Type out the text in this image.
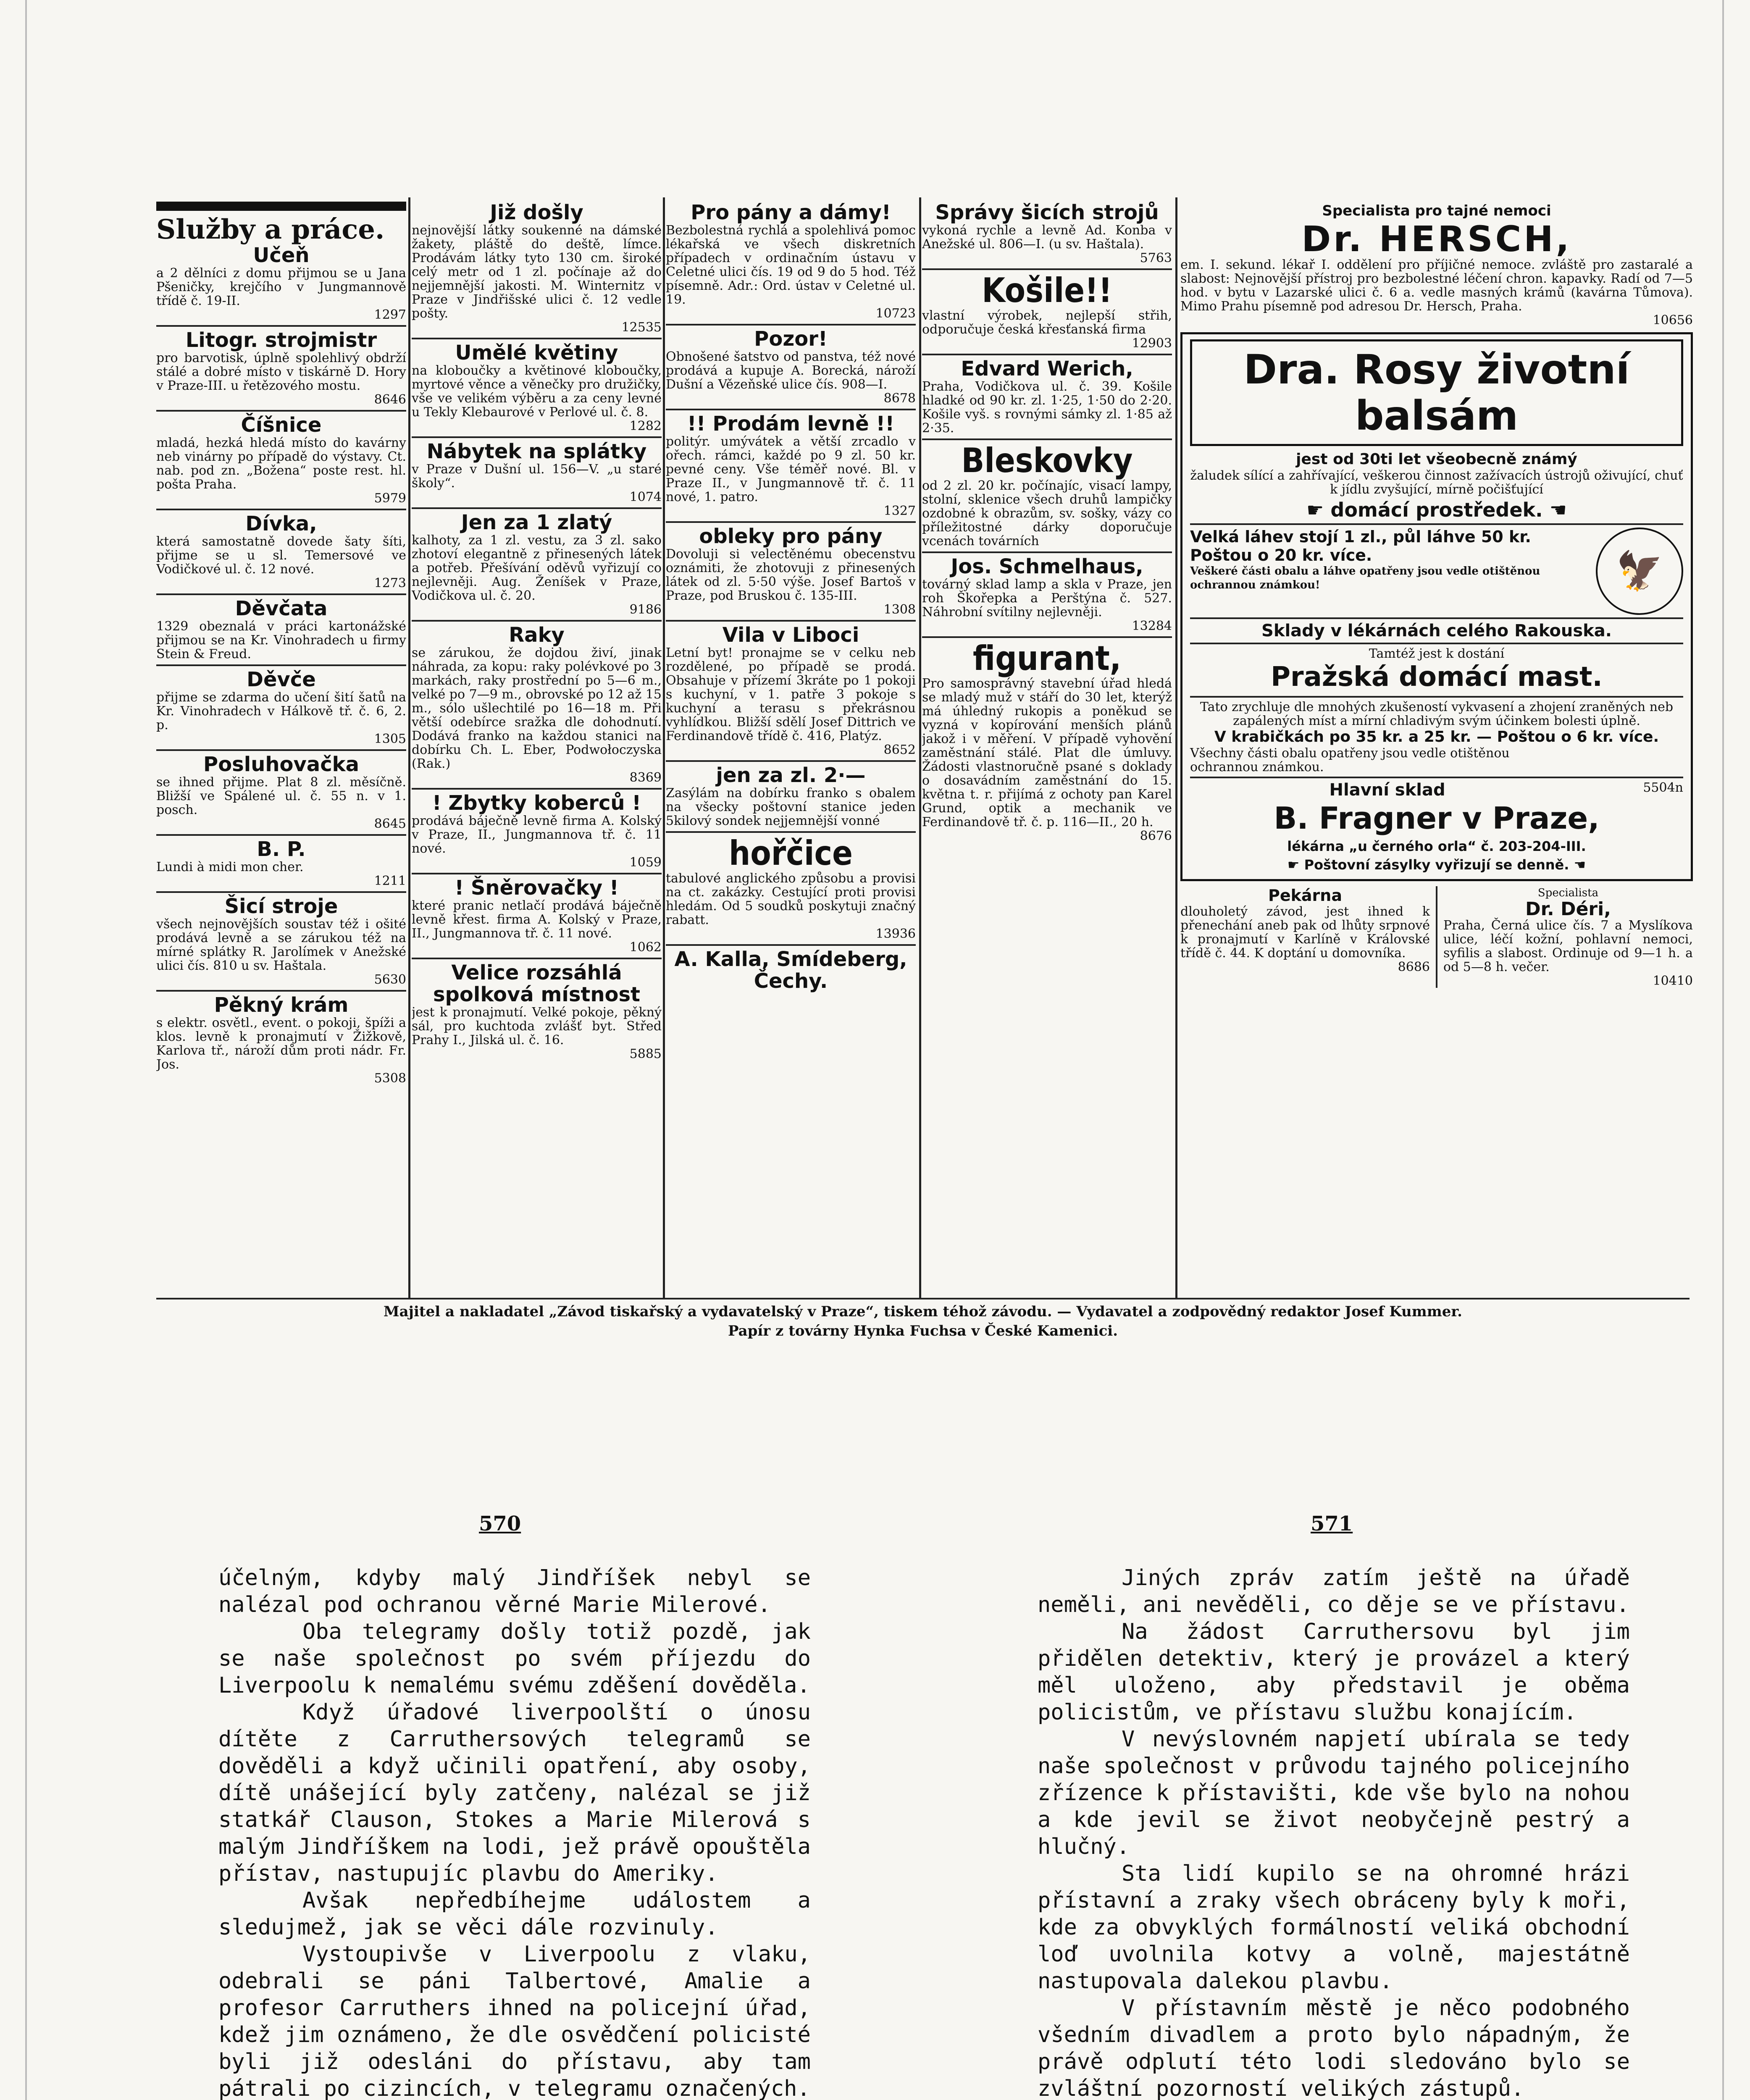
Služby a práce.
Učeň
a 2 dělníci z domu přijmou se u Jana Pšeničky, krejčího v Jungmannově třídě č. 19-II.
1297
Litogr. strojmistr
pro barvotisk, úplně spolehlivý obdrží stálé a dobré místo v tiskárně D. Hory v Praze-III. u řetězového mostu.
8646
Číšnice
mladá, hezká hledá místo do kavárny neb vinárny po případě do výstavy. Ct. nab. pod zn. „Božena“ poste rest. hl. pošta Praha.
5979
Dívka,
která samostatně dovede šaty šíti, přijme se u sl. Temersové ve Vodičkové ul. č. 12 nové.
1273
Děvčata
1329 obeznalá v práci kartonážské přijmou se na Kr. Vinohradech u firmy Stein & Freud.
Děvče
přijme se zdarma do učení šití šatů na Kr. Vinohradech v Hálkově tř. č. 6, 2. p.
1305
Posluhovačka
se ihned přijme. Plat 8 zl. měsíčně. Bližší ve Spálené ul. č. 55 n. v 1. posch.
8645
B. P.
Lundi à midi mon cher.
1211
Šicí stroje
všech nejnovějších soustav též i ošité prodává levně a se zárukou též na mírné splátky R. Jarolímek v Anežské ulici čís. 810 u sv. Haštala.
5630
Pěkný krám
s elektr. osvětl., event. o pokoji, špíži a klos. levně k pronajmutí v Žižkově, Karlova tř., nároží dům proti nádr. Fr. Jos.
5308
Již došly
nejnovější látky soukenné na dámské žakety, pláště do deště, límce. Prodávám látky tyto 130 cm. široké celý metr od 1 zl. počínaje až do nejjemnější jakosti. M. Winternitz v Praze v Jindřišské ulici č. 12 vedle pošty.
12535
Umělé květiny
na kloboučky a květinové kloboučky, myrtové věnce a věnečky pro družičky, vše ve velikém výběru a za ceny levné u Tekly Klebaurové v Perlové ul. č. 8.
1282
Nábytek na splátky
v Praze v Dušní ul. 156—V. „u staré školy“.
1074
Jen za 1 zlatý
kalhoty, za 1 zl. vestu, za 3 zl. sako zhotoví elegantně z přinesených látek a potřeb. Přešívání oděvů vyřizují co nejlevněji. Aug. Ženíšek v Praze, Vodičkova ul. č. 20.
9186
Raky
se zárukou, že dojdou živí, jinak náhrada, za kopu: raky polévkové po 3 markách, raky prostřední po 5—6 m., velké po 7—9 m., obrovské po 12 až 15 m., sólo ušlechtilé po 16—18 m. Při větší odebírce sražka dle dohodnutí. Dodává franko na každou stanici na dobírku Ch. L. Eber, Podwołoczyska (Rak.)
8369
! Zbytky koberců !
prodává báječně levně firma A. Kolský v Praze, II., Jungmannova tř. č. 11 nové.
1059
! Šněrovačky !
které pranic netlačí prodává báječně levně křest. firma A. Kolský v Praze, II., Jungmannova tř. č. 11 nové.
1062
Velice rozsáhlá spolková místnost
jest k pronajmutí. Velké pokoje, pěkný sál, pro kuchtoda zvlášť byt. Střed Prahy I., Jilská ul. č. 16.
5885
Pro pány a dámy!
Bezbolestná rychlá a spolehlivá pomoc lékařská ve všech diskretních případech v ordinačním ústavu v Celetné ulici čís. 19 od 9 do 5 hod. Též písemně. Adr.: Ord. ústav v Celetné ul. 19.
10723
Pozor!
Obnošené šatstvo od panstva, též nové prodává a kupuje A. Borecká, nároží Dušní a Vězeňské ulice čís. 908—I.
8678
!! Prodám levně !!
politýr. umývátek a větší zrcadlo v ořech. rámci, každé po 9 zl. 50 kr. pevné ceny. Vše téměř nové. Bl. v Praze II., v Jungmannově tř. č. 11 nové, 1. patro.
1327
obleky pro pány
Dovoluji si velectěnému obecenstvu oznámiti, že zhotovuji z přinesených látek od zl. 5·50 výše. Josef Bartoš v Praze, pod Bruskou č. 135-III.
1308
Vila v Liboci
Letní byt! pronajme se v celku neb rozdělené, po případě se prodá. Obsahuje v přízemí 3kráte po 1 pokoji s kuchyní, v 1. patře 3 pokoje s kuchyní a terasu s překrásnou vyhlídkou. Bližší sdělí Josef Dittrich ve Ferdinandově třídě č. 416, Platýz.
8652
jen za zl. 2·—
Zasýlám na dobírku franko s obalem na všecky poštovní stanice jeden 5kilový sondek nejjemnější vonné
hořčice
tabulové anglického způsobu a provisi na ct. zakázky. Cestující proti provisi hledám. Od 5 soudků poskytuji značný rabatt.
13936
A. Kalla, Smídeberg, Čechy.
Správy šicích strojů
vykoná rychle a levně Ad. Konba v Anežské ul. 806—I. (u sv. Haštala).
5763
Košile!!
vlastní výrobek, nejlepší střih, odporučuje česká křesťanská firma
12903
Edvard Werich,
Praha, Vodičkova ul. č. 39. Košile hladké od 90 kr. zl. 1·25, 1·50 do 2·20. Košile vyš. s rovnými sámky zl. 1·85 až 2·35.
Bleskovky
od 2 zl. 20 kr. počínajíc, visací lampy, stolní, sklenice všech druhů lampičky ozdobné k obrazům, sv. sošky, vázy co příležitostné dárky doporučuje vcenách továrních
Jos. Schmelhaus,
továrný sklad lamp a skla v Praze, jen roh Škořepka a Perštýna č. 527. Náhrobní svítilny nejlevněji.
13284
figurant,
Pro samosprávný stavební úřad hledá se mladý muž v stáří do 30 let, kterýž má úhledný rukopis a poněkud se vyzná v kopírování menších plánů jakož i v měření. V případě vyhovění zaměstnání stálé. Plat dle úmluvy. Žádosti vlastnoručně psané s doklady o dosavádním zaměstnání do 15. května t. r. přijímá z ochoty pan Karel Grund, optik a mechanik ve Ferdinandově tř. č. p. 116—II., 20 h.
8676
Specialista pro tajné nemoci
Dr. HERSCH,
em. I. sekund. lékař I. oddělení pro příjičné nemoce. zvláště pro zastaralé a slabost: Nejnovější přístroj pro bezbolestné léčení chron. kapavky. Radí od 7—5 hod. v bytu v Lazarské ulici č. 6 a. vedle masných krámů (kavárna Tůmova). Mimo Prahu písemně pod adresou Dr. Hersch, Praha.
10656
Dra. Rosy životní balsám
jest od 30ti let všeobecně známý
žaludek sílící a zahřívající, veškerou činnost zažívacích ústrojů oživující, chuť k jídlu zvyšující, mírně počišťující
☛ domácí prostředek. ☚
🦅
Velká láhev stojí 1 zl., půl láhve 50 kr. Poštou o 20 kr. více.
Veškeré části obalu a láhve opatřeny jsou vedle otištěnou ochrannou známkou!
Sklady v lékárnách celého Rakouska.
Tamtéž jest k dostání
Pražská domácí mast.
Tato zrychluje dle mnohých zkušeností vykvasení a zhojení zraněných neb zapálených míst a mírní chladivým svým účinkem bolesti úplně.
V krabičkách po 35 kr. a 25 kr. — Poštou o 6 kr. více.
Všechny části obalu opatřeny jsou vedle otištěnou ochrannou známkou.
Hlavní sklad	5504n
B. Fragner v Praze,
lékárna „u černého orla“ č. 203-204-III.
☛ Poštovní zásylky vyřizují se denně. ☚
Pekárna
dlouholetý závod, jest ihned k přenechání aneb pak od lhůty srpnové k pronajmutí v Karlíně v Královské třídě č. 44. K doptání u domovníka.
8686
Specialista
Dr. Déri,
Praha, Černá ulice čís. 7 a Myslíkova ulice, léčí kožní, pohlavní nemoci, syfilis a slabost. Ordinuje od 9—1 h. a od 5—8 h. večer.
10410
Majitel a nakladatel „Závod tiskařský a vydavatelský v Praze“, tiskem téhož závodu. — Vydavatel a zodpovědný redaktor Josef Kummer.
Papír z továrny Hynka Fuchsa v České Kamenici.
570	571

účelným, kdyby malý Jindříšek nebyl se nalézal pod ochranou věrné Marie Milerové.

Oba telegramy došly totiž pozdě, jak se naše společnost po svém příjezdu do Liverpoolu k nemalému svému zděšení dověděla.

Když úřadové liverpoolští o únosu dítěte z Carruthersových telegramů se dověděli a když učinili opatření, aby osoby, dítě unášející byly zatčeny, nalézal se již statkář Clauson, Stokes a Marie Milerová s malým Jindříškem na lodi, jež právě opouštěla přístav, nastupujíc plavbu do Ameriky.

Avšak nepředbíhejme událostem a sledujmež, jak se věci dále rozvinuly.

Vystoupivše v Liverpoolu z vlaku, odebrali se páni Talbertové, Amalie a profesor Carruthers ihned na policejní úřad, kdež jim oznámeno, že dle osvědčení policisté byli již odesláni do přístavu, aby tam pátrali po cizincích, v telegramu označených.

Jiných zpráv zatím ještě na úřadě neměli, ani nevěděli, co děje se ve přístavu.

Na žádost Carruthersovu byl jim přidělen detektiv, který je provázel a který měl uloženo, aby představil je oběma policistům, ve přístavu službu konajícím.

V nevýslovném napjetí ubírala se tedy naše společnost v průvodu tajného policejního zřízence k přístavišti, kde vše bylo na nohou a kde jevil se život neobyčejně pestrý a hlučný.

Sta lidí kupilo se na ohromné hrázi přístavní a zraky všech obráceny byly k moři, kde za obvyklých formálností veliká obchodní loď uvolnila kotvy a volně, majestátně nastupovala dalekou plavbu.

V přístavním městě je něco podobného všedním divadlem a proto bylo nápadným, že právě odplutí této lodi sledováno bylo se zvláštní pozorností velikých zástupů.
